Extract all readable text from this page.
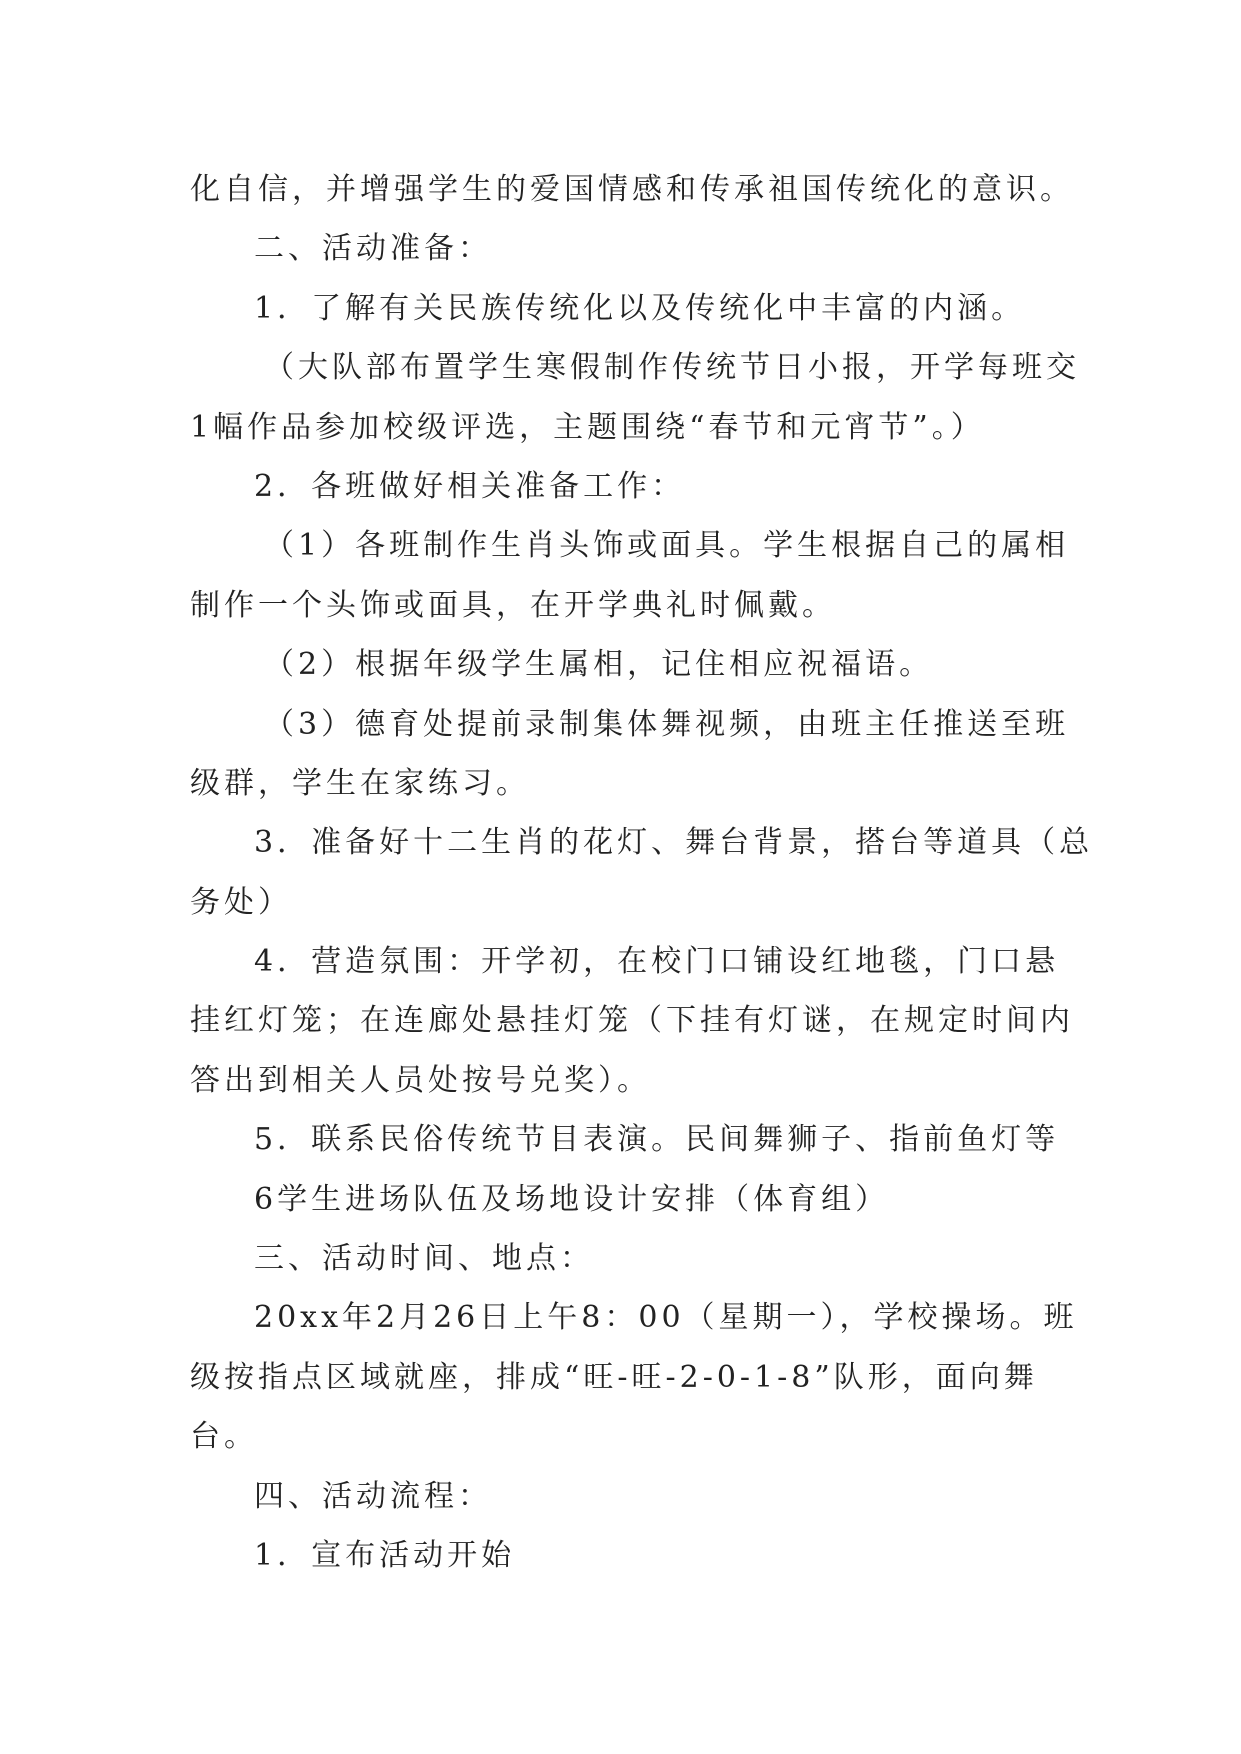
化自信，并增强学生的爱国情感和传承祖国传统化的意识。
二、活动准备：
1．了解有关民族传统化以及传统化中丰富的内涵。
（大队部布置学生寒假制作传统节日小报，开学每班交
1幅作品参加校级评选，主题围绕“春节和元宵节”。）
2．各班做好相关准备工作：
（1）各班制作生肖头饰或面具。学生根据自己的属相
制作一个头饰或面具，在开学典礼时佩戴。
（2）根据年级学生属相，记住相应祝福语。
（3）德育处提前录制集体舞视频，由班主任推送至班
级群，学生在家练习。
3．准备好十二生肖的花灯、舞台背景，搭台等道具（总
务处）
4．营造氛围：开学初，在校门口铺设红地毯，门口悬
挂红灯笼；在连廊处悬挂灯笼（下挂有灯谜，在规定时间内
答出到相关人员处按号兑奖）。
5．联系民俗传统节目表演。民间舞狮子、指前鱼灯等
6学生进场队伍及场地设计安排（体育组）
三、活动时间、地点：
20xx年2月26日上午8：00（星期一），学校操场。班
级按指点区域就座，排成“旺-旺-2-0-1-8”队形，面向舞
台。
四、活动流程：
1．宣布活动开始
